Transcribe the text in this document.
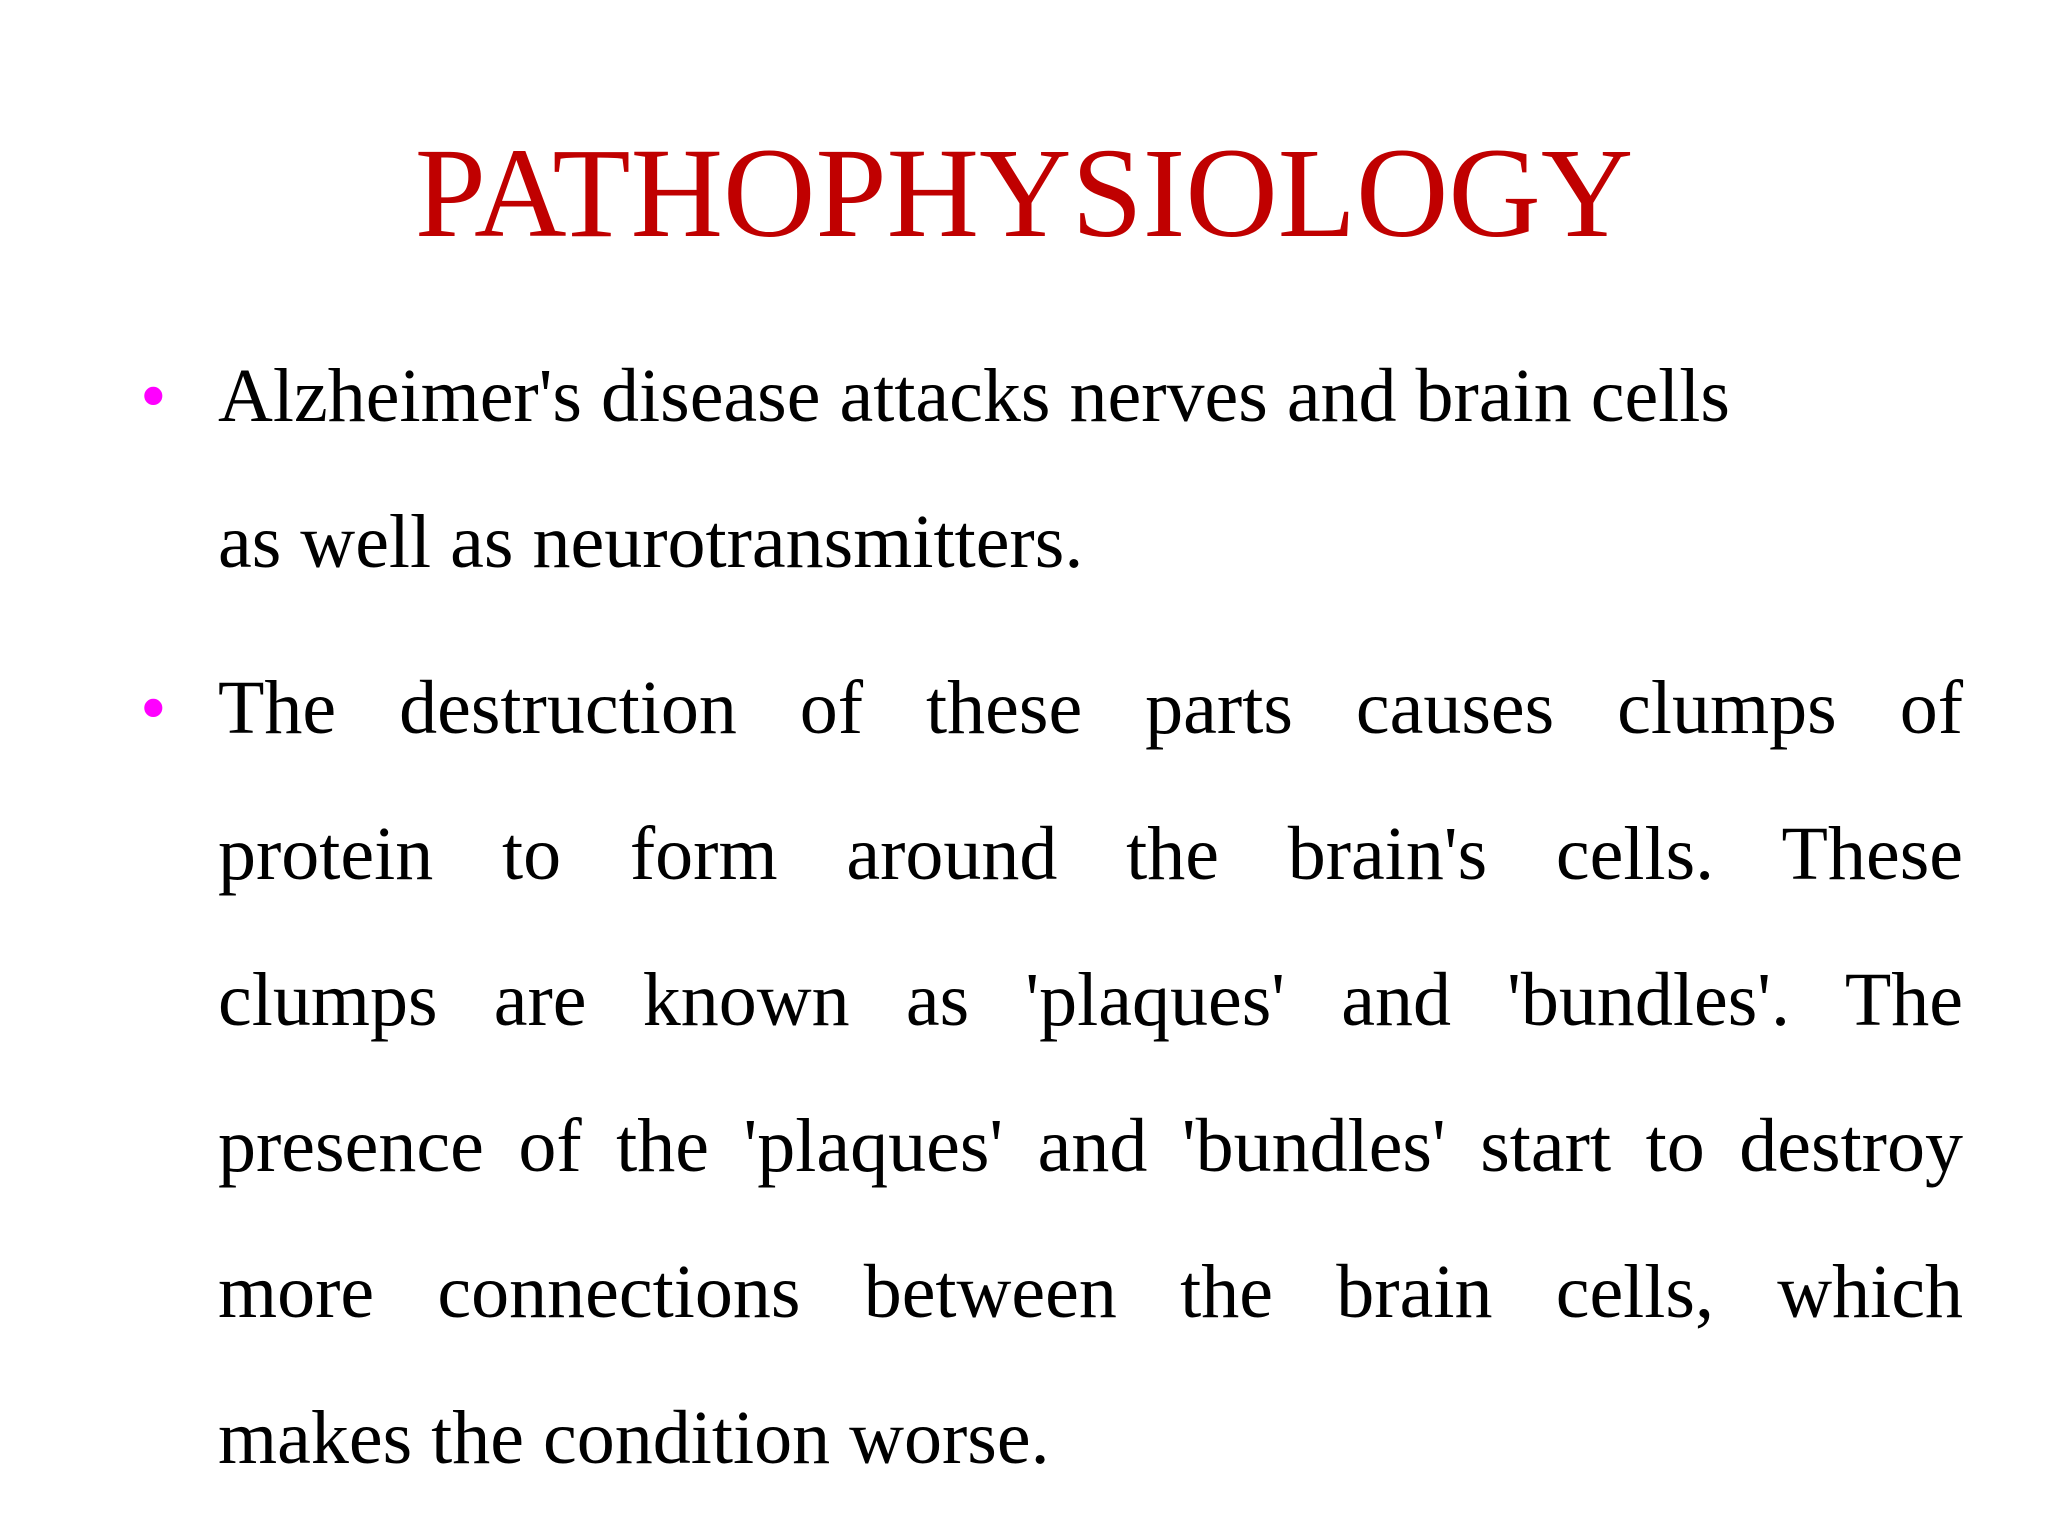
PATHOPHYSIOLOGY
• Alzheimer's disease attacks nerves and brain cells
as well as neurotransmitters.

• The destruction of these parts causes clumps of
protein to form around the brain's cells. These
clumps are known as 'plaques' and 'bundles'. The
presence of the 'plaques' and 'bundles' start to destroy
more connections between the brain cells, which
makes the condition worse.
